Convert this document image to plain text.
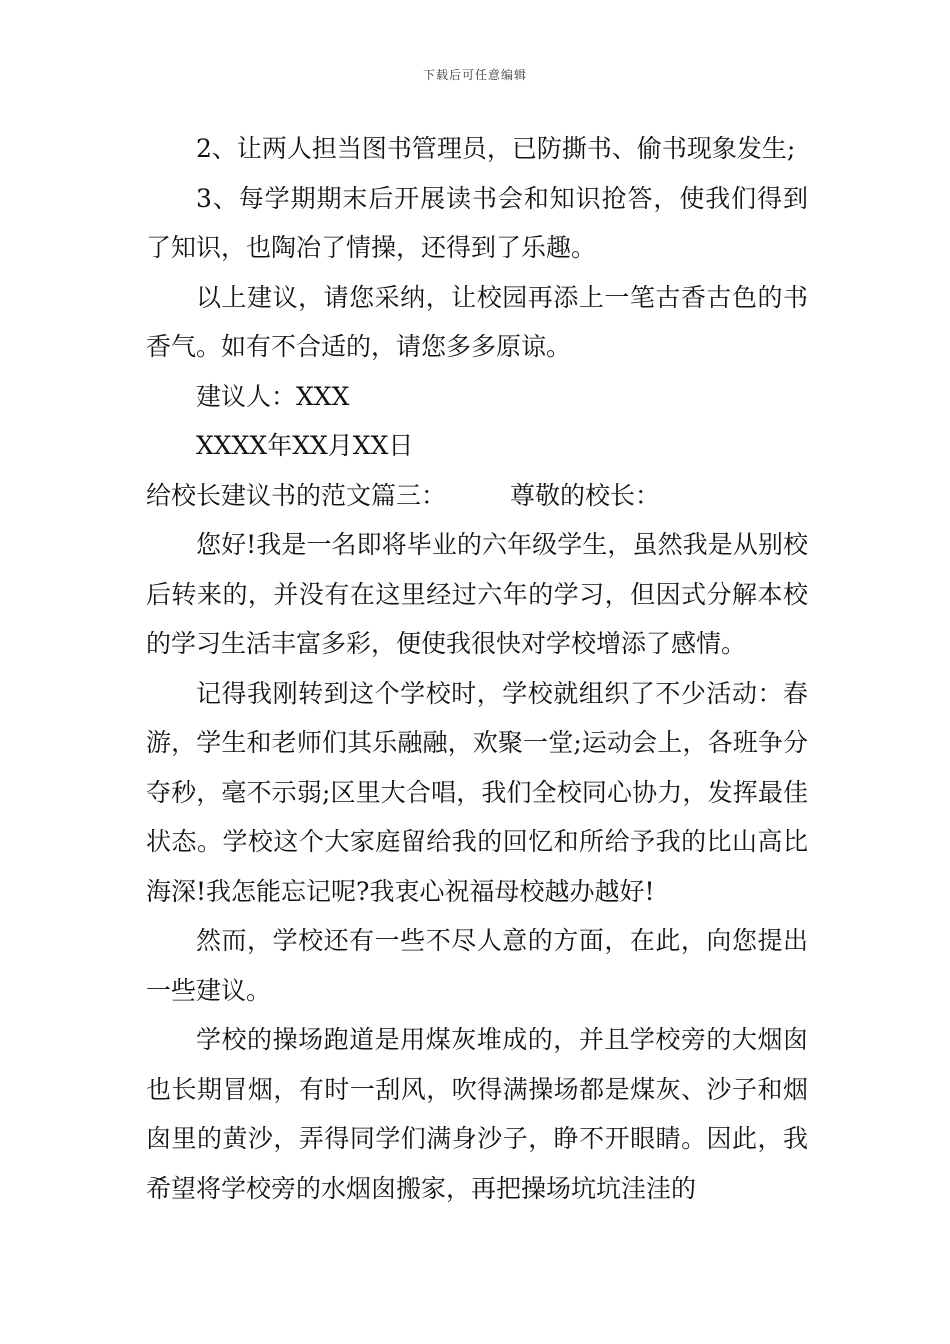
下载后可任意编辑

2、让两人担当图书管理员，已防撕书、偷书现象发生;

3、每学期期末后开展读书会和知识抢答，使我们得到了知识，也陶冶了情操，还得到了乐趣。

以上建议，请您采纳，让校园再添上一笔古香古色的书香气。如有不合适的，请您多多原谅。

建议人：XXX

XXXX年XX月XX日

给校长建议书的范文篇三：	尊敬的校长：

您好!我是一名即将毕业的六年级学生，虽然我是从别校后转来的，并没有在这里经过六年的学习，但因式分解本校的学习生活丰富多彩，便使我很快对学校增添了感情。

记得我刚转到这个学校时，学校就组织了不少活动：春游，学生和老师们其乐融融，欢聚一堂;运动会上，各班争分夺秒，毫不示弱;区里大合唱，我们全校同心协力，发挥最佳状态。学校这个大家庭留给我的回忆和所给予我的比山高比海深!我怎能忘记呢?我衷心祝福母校越办越好!

然而，学校还有一些不尽人意的方面，在此，向您提出一些建议。

学校的操场跑道是用煤灰堆成的，并且学校旁的大烟囱也长期冒烟，有时一刮风，吹得满操场都是煤灰、沙子和烟囱里的黄沙，弄得同学们满身沙子，睁不开眼睛。因此，我希望将学校旁的水烟囱搬家，再把操场坑坑洼洼的
